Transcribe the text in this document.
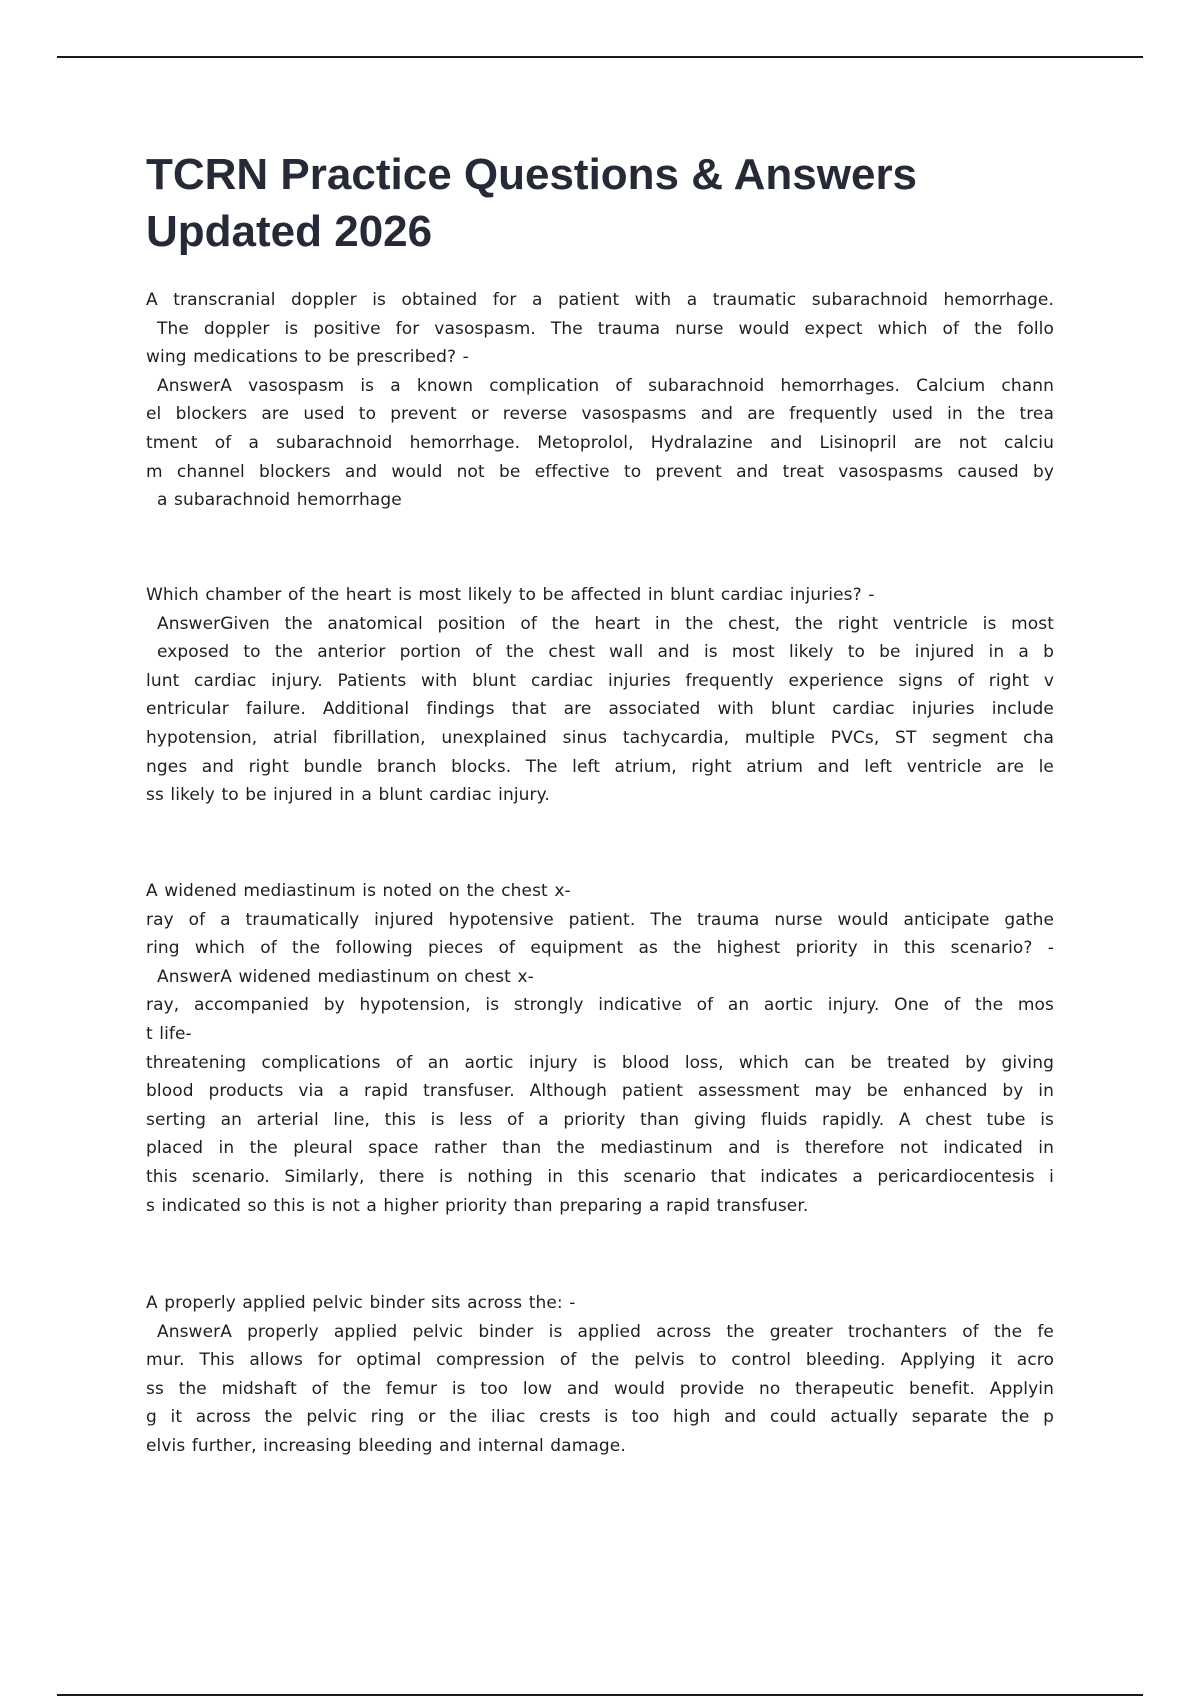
TCRN Practice Questions & Answers
Updated 2026
A transcranial doppler is obtained for a patient with a traumatic subarachnoid hemorrhage.
The doppler is positive for vasospasm. The trauma nurse would expect which of the follo
wing medications to be prescribed? -
AnswerA vasospasm is a known complication of subarachnoid hemorrhages. Calcium chann
el blockers are used to prevent or reverse vasospasms and are frequently used in the trea
tment of a subarachnoid hemorrhage. Metoprolol, Hydralazine and Lisinopril are not calciu
m channel blockers and would not be effective to prevent and treat vasospasms caused by
a subarachnoid hemorrhage
Which chamber of the heart is most likely to be affected in blunt cardiac injuries? -
AnswerGiven the anatomical position of the heart in the chest, the right ventricle is most
exposed to the anterior portion of the chest wall and is most likely to be injured in a b
lunt cardiac injury. Patients with blunt cardiac injuries frequently experience signs of right v
entricular failure. Additional findings that are associated with blunt cardiac injuries include
hypotension, atrial fibrillation, unexplained sinus tachycardia, multiple PVCs, ST segment cha
nges and right bundle branch blocks. The left atrium, right atrium and left ventricle are le
ss likely to be injured in a blunt cardiac injury.
A widened mediastinum is noted on the chest x-
ray of a traumatically injured hypotensive patient. The trauma nurse would anticipate gathe
ring which of the following pieces of equipment as the highest priority in this scenario? -
AnswerA widened mediastinum on chest x-
ray, accompanied by hypotension, is strongly indicative of an aortic injury. One of the mos
t life-
threatening complications of an aortic injury is blood loss, which can be treated by giving
blood products via a rapid transfuser. Although patient assessment may be enhanced by in
serting an arterial line, this is less of a priority than giving fluids rapidly. A chest tube is
placed in the pleural space rather than the mediastinum and is therefore not indicated in
this scenario. Similarly, there is nothing in this scenario that indicates a pericardiocentesis i
s indicated so this is not a higher priority than preparing a rapid transfuser.
A properly applied pelvic binder sits across the: -
AnswerA properly applied pelvic binder is applied across the greater trochanters of the fe
mur. This allows for optimal compression of the pelvis to control bleeding. Applying it acro
ss the midshaft of the femur is too low and would provide no therapeutic benefit. Applyin
g it across the pelvic ring or the iliac crests is too high and could actually separate the p
elvis further, increasing bleeding and internal damage.
